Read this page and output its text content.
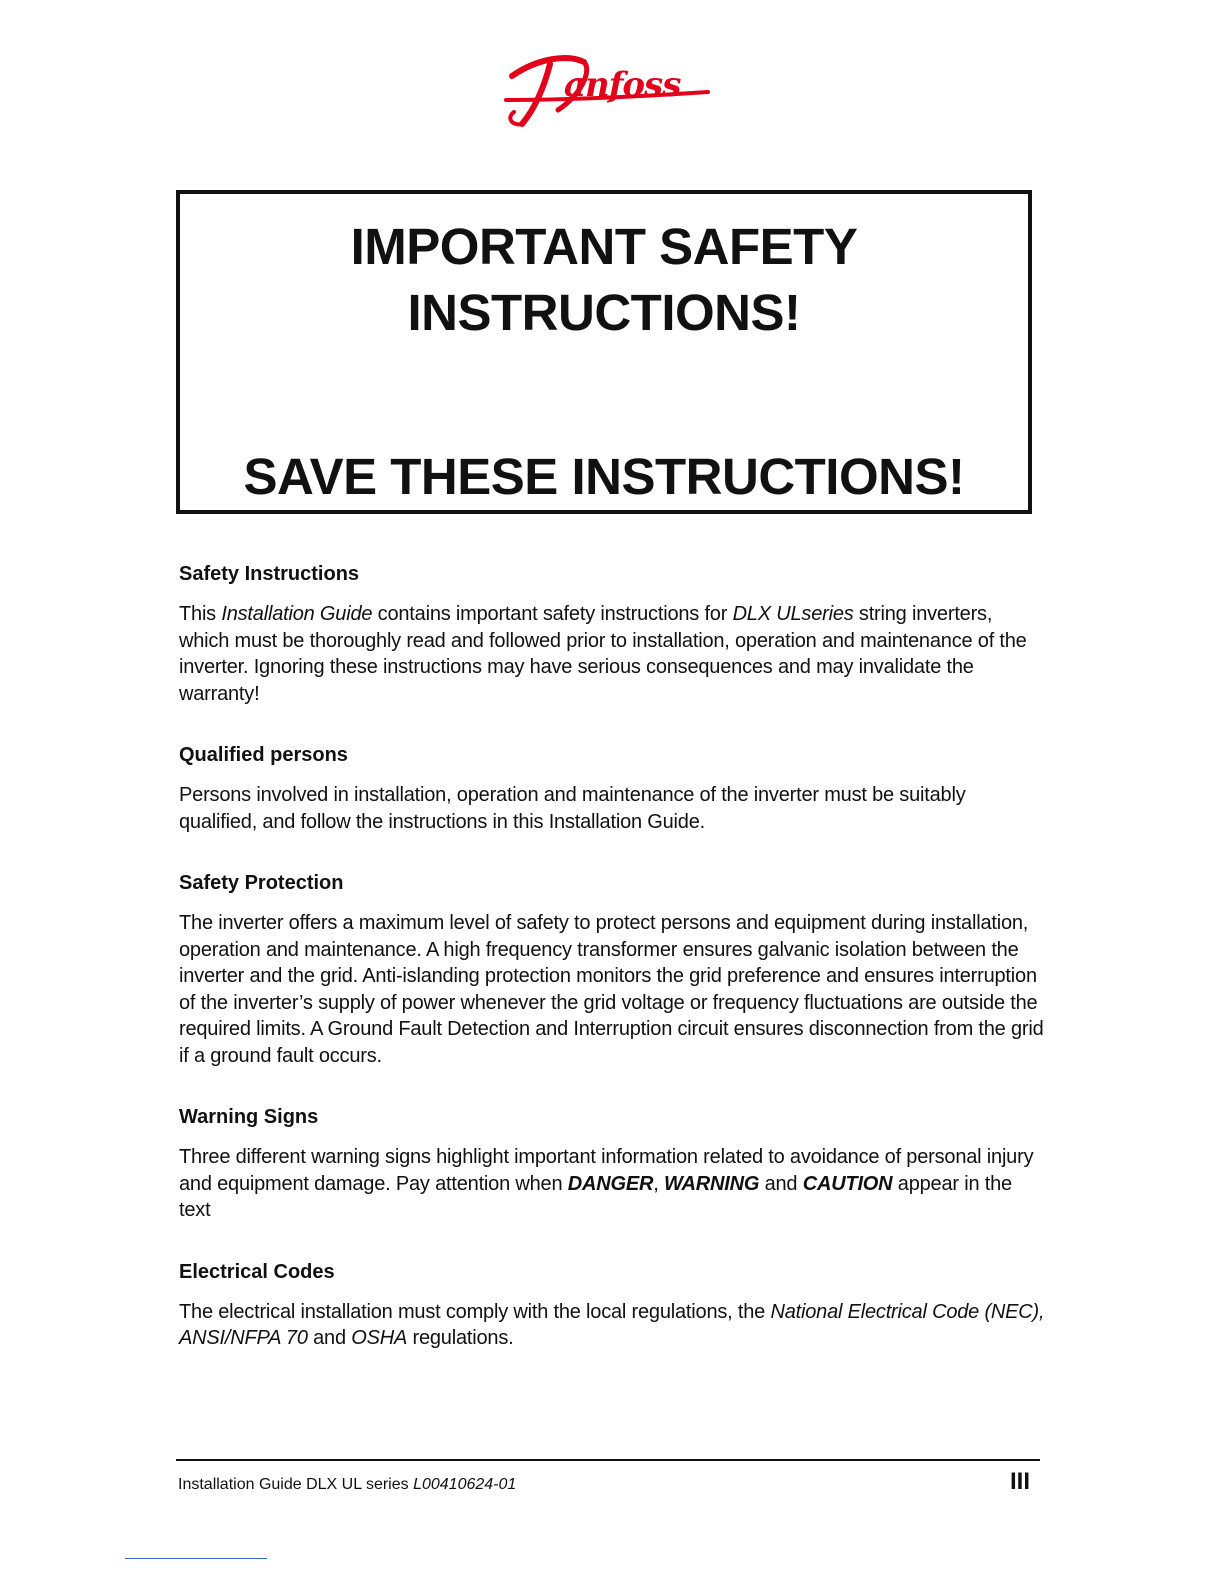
anfoss
IMPORTANT SAFETY
INSTRUCTIONS!
SAVE THESE INSTRUCTIONS!
Safety Instructions

This Installation Guide contains important safety instructions for DLX ULseries string inverters, which must be thoroughly read and followed prior to installation, operation and maintenance of the inverter. Ignoring these instructions may have serious consequences and may invalidate the warranty!

Qualified persons

Persons involved in installation, operation and maintenance of the inverter must be suitably qualified, and follow the instructions in this Installation Guide.

Safety Protection

The inverter offers a maximum level of safety to protect persons and equipment during installation, operation and maintenance. A high frequency transformer ensures galvanic isolation between the inverter and the grid. Anti-islanding protection monitors the grid preference and ensures interruption of the inverter’s supply of power whenever the grid voltage or frequency fluctuations are outside the required limits. A Ground Fault Detection and Interruption circuit ensures disconnection from the grid if a ground fault occurs.

Warning Signs

Three different warning signs highlight important information related to avoidance of personal injury and equipment damage. Pay attention when DANGER, WARNING and CAUTION appear in the text

Electrical Codes

The electrical installation must comply with the local regulations, the National Electrical Code (NEC), ANSI/NFPA 70 and OSHA regulations.

Installation Guide DLX UL series L00410624-01	III
